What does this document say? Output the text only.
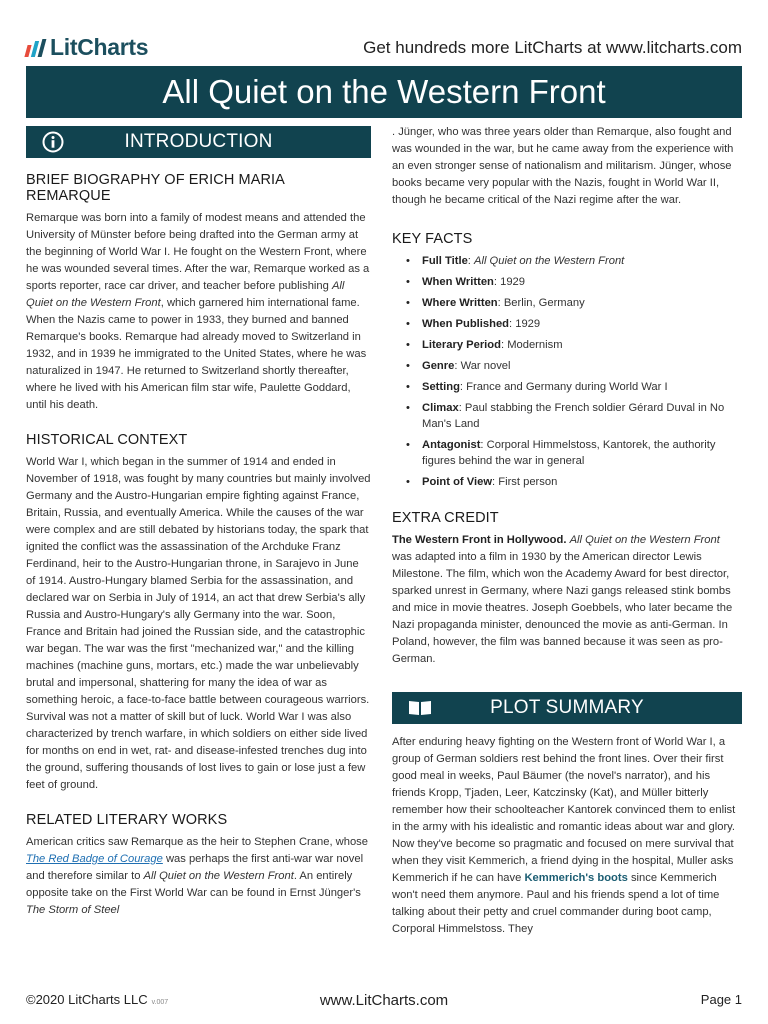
LitCharts	Get hundreds more LitCharts at www.litcharts.com
All Quiet on the Western Front
INTRODUCTION
BRIEF BIOGRAPHY OF ERICH MARIA REMARQUE

Remarque was born into a family of modest means and attended the University of Münster before being drafted into the German army at the beginning of World War I. He fought on the Western Front, where he was wounded several times. After the war, Remarque worked as a sports reporter, race car driver, and teacher before publishing All Quiet on the Western Front, which garnered him international fame. When the Nazis came to power in 1933, they burned and banned Remarque's books. Remarque had already moved to Switzerland in 1932, and in 1939 he immigrated to the United States, where he was naturalized in 1947. He returned to Switzerland shortly thereafter, where he lived with his American film star wife, Paulette Goddard, until his death.

HISTORICAL CONTEXT

World War I, which began in the summer of 1914 and ended in November of 1918, was fought by many countries but mainly involved Germany and the Austro-Hungarian empire fighting against France, Britain, Russia, and eventually America. While the causes of the war were complex and are still debated by historians today, the spark that ignited the conflict was the assassination of the Archduke Franz Ferdinand, heir to the Austro-Hungarian throne, in Sarajevo in June of 1914. Austro-Hungary blamed Serbia for the assassination, and declared war on Serbia in July of 1914, an act that drew Serbia's ally Russia and Austro-Hungary's ally Germany into the war. Soon, France and Britain had joined the Russian side, and the catastrophic war began. The war was the first "mechanized war," and the killing machines (machine guns, mortars, etc.) made the war unbelievably brutal and impersonal, shattering for many the idea of war as something heroic, a face-to-face battle between courageous warriors. Survival was not a matter of skill but of luck. World War I was also characterized by trench warfare, in which soldiers on either side lived for months on end in wet, rat- and disease-infested trenches dug into the ground, suffering thousands of lost lives to gain or lose just a few feet of ground.

RELATED LITERARY WORKS

American critics saw Remarque as the heir to Stephen Crane, whose The Red Badge of Courage was perhaps the first anti-war war novel and therefore similar to All Quiet on the Western Front. An entirely opposite take on the First World War can be found in Ernst Jünger's The Storm of Steel

. Jünger, who was three years older than Remarque, also fought and was wounded in the war, but he came away from the experience with an even stronger sense of nationalism and militarism. Jünger, whose books became very popular with the Nazis, fought in World War II, though he became critical of the Nazi regime after the war.

KEY FACTS
• Full Title: All Quiet on the Western Front
• When Written: 1929
• Where Written: Berlin, Germany
• When Published: 1929
• Literary Period: Modernism
• Genre: War novel
• Setting: France and Germany during World War I
• Climax: Paul stabbing the French soldier Gérard Duval in No Man's Land
• Antagonist: Corporal Himmelstoss, Kantorek, the authority figures behind the war in general
• Point of View: First person
EXTRA CREDIT

The Western Front in Hollywood. All Quiet on the Western Front was adapted into a film in 1930 by the American director Lewis Milestone. The film, which won the Academy Award for best director, sparked unrest in Germany, where Nazi gangs released stink bombs and mice in movie theatres. Joseph Goebbels, who later became the Nazi propaganda minister, denounced the movie as anti-German. In Poland, however, the film was banned because it was seen as pro-German.

PLOT SUMMARY

After enduring heavy fighting on the Western front of World War I, a group of German soldiers rest behind the front lines. Over their first good meal in weeks, Paul Bäumer (the novel's narrator), and his friends Kropp, Tjaden, Leer, Katczinsky (Kat), and Müller bitterly remember how their schoolteacher Kantorek convinced them to enlist in the army with his idealistic and romantic ideas about war and glory. Now they've become so pragmatic and focused on mere survival that when they visit Kemmerich, a friend dying in the hospital, Muller asks Kemmerich if he can have Kemmerich's boots since Kemmerich won't need them anymore. Paul and his friends spend a lot of time talking about their petty and cruel commander during boot camp, Corporal Himmelstoss. They

©2020 LitCharts LLC v.007	www.LitCharts.com	Page 1
